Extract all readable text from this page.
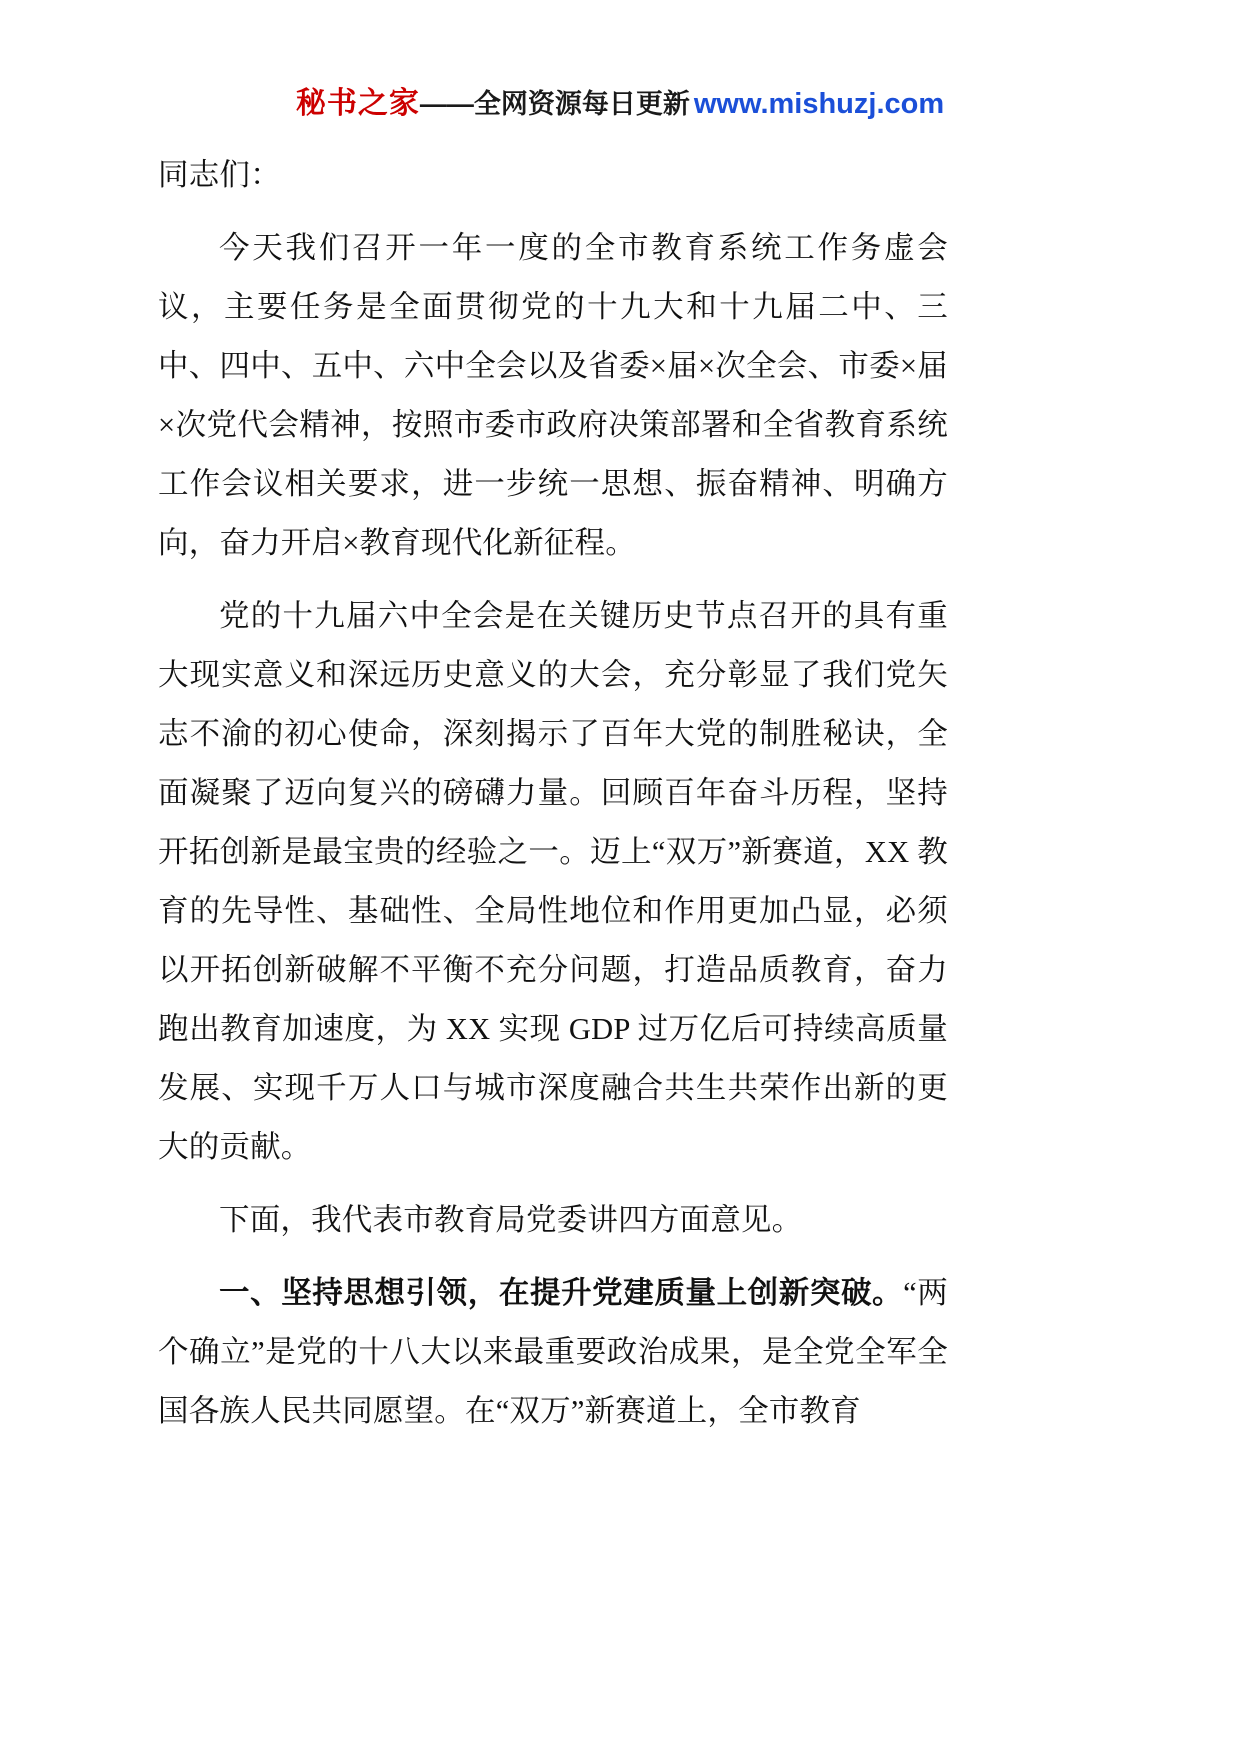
秘书之家——全网资源每日更新 www.mishuzj.com

同志们：

今天我们召开一年一度的全市教育系统工作务虚会议，主要任务是全面贯彻党的十九大和十九届二中、三中、四中、五中、六中全会以及省委×届×次全会、市委×届×次党代会精神，按照市委市政府决策部署和全省教育系统工作会议相关要求，进一步统一思想、振奋精神、明确方向，奋力开启×教育现代化新征程。

党的十九届六中全会是在关键历史节点召开的具有重大现实意义和深远历史意义的大会，充分彰显了我们党矢志不渝的初心使命，深刻揭示了百年大党的制胜秘诀，全面凝聚了迈向复兴的磅礴力量。回顾百年奋斗历程，坚持开拓创新是最宝贵的经验之一。迈上“双万”新赛道，XX 教育的先导性、基础性、全局性地位和作用更加凸显，必须以开拓创新破解不平衡不充分问题，打造品质教育，奋力跑出教育加速度，为 XX 实现 GDP 过万亿后可持续高质量发展、实现千万人口与城市深度融合共生共荣作出新的更大的贡献。

下面，我代表市教育局党委讲四方面意见。

一、坚持思想引领，在提升党建质量上创新突破。“两个确立”是党的十八大以来最重要政治成果，是全党全军全国各族人民共同愿望。在“双万”新赛道上，全市教育
